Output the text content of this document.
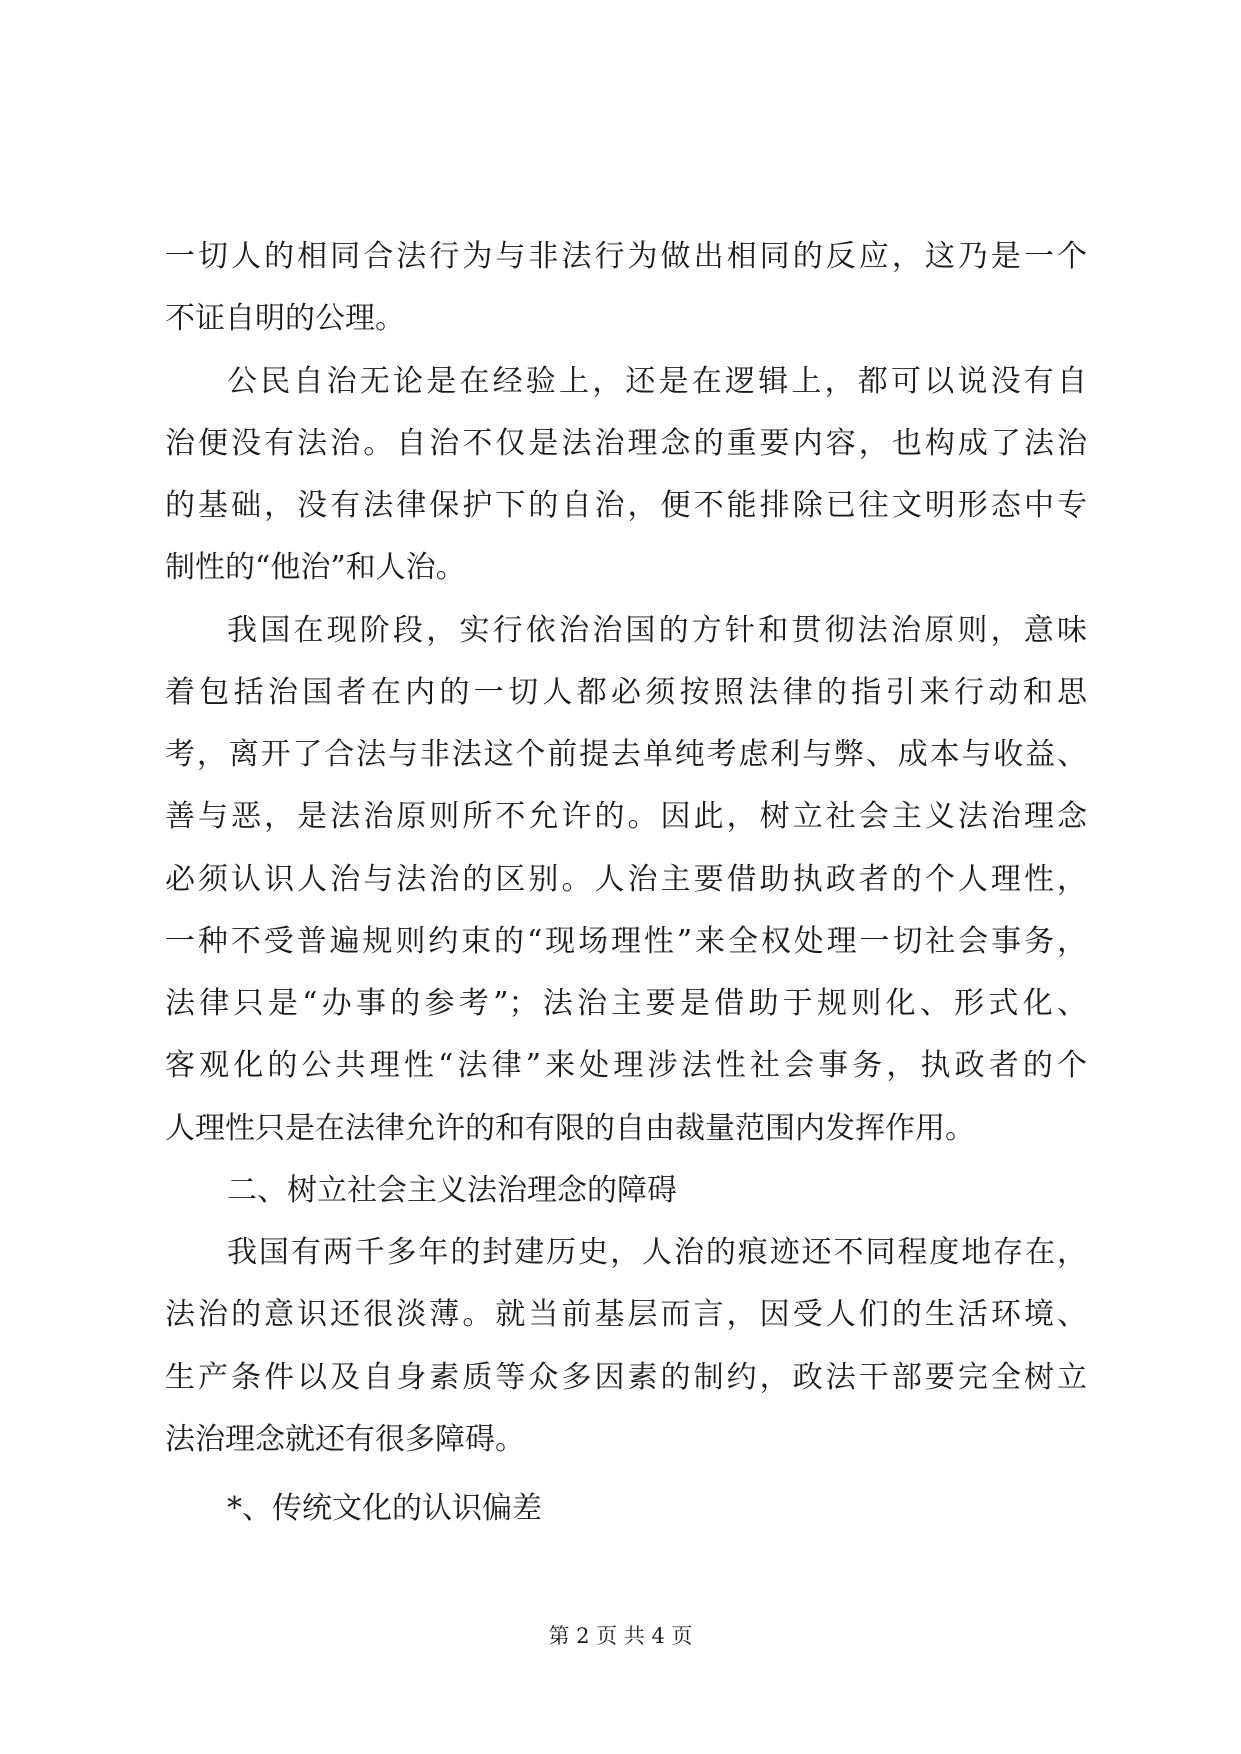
一切人的相同合法行为与非法行为做出相同的反应，这乃是一个
不证自明的公理。
公民自治无论是在经验上，还是在逻辑上，都可以说没有自
治便没有法治。自治不仅是法治理念的重要内容，也构成了法治
的基础，没有法律保护下的自治，便不能排除已往文明形态中专
制性的“他治”和人治。
我国在现阶段，实行依治治国的方针和贯彻法治原则，意味
着包括治国者在内的一切人都必须按照法律的指引来行动和思
考，离开了合法与非法这个前提去单纯考虑利与弊、成本与收益、
善与恶，是法治原则所不允许的。因此，树立社会主义法治理念
必须认识人治与法治的区别。人治主要借助执政者的个人理性，
一种不受普遍规则约束的“现场理性”来全权处理一切社会事务，
法律只是“办事的参考”；法治主要是借助于规则化、形式化、
客观化的公共理性“法律”来处理涉法性社会事务，执政者的个
人理性只是在法律允许的和有限的自由裁量范围内发挥作用。
二、树立社会主义法治理念的障碍
我国有两千多年的封建历史，人治的痕迹还不同程度地存在，
法治的意识还很淡薄。就当前基层而言，因受人们的生活环境、
生产条件以及自身素质等众多因素的制约，政法干部要完全树立
法治理念就还有很多障碍。
*、传统文化的认识偏差
第 2 页 共 4 页
